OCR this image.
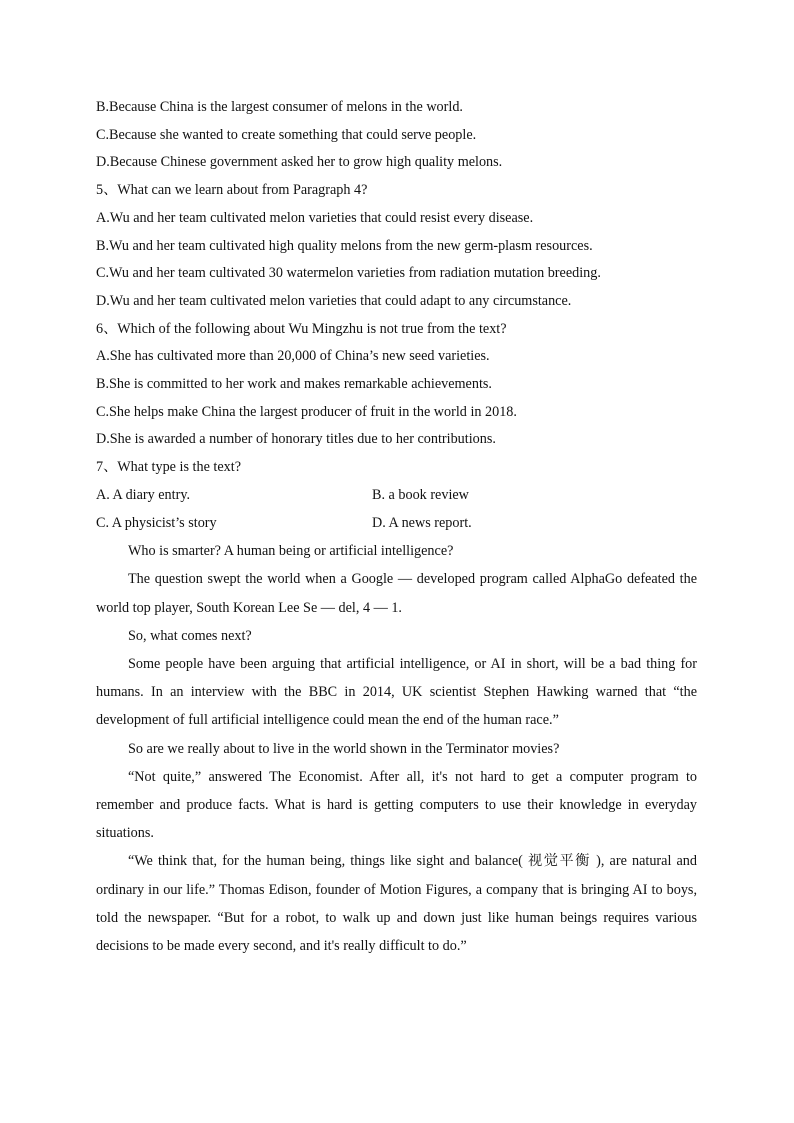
B.Because China is the largest consumer of melons in the world.

C.Because she wanted to create something that could serve people.

D.Because Chinese government asked her to grow high quality melons.

5、What can we learn about from Paragraph 4?

A.Wu and her team cultivated melon varieties that could resist every disease.

B.Wu and her team cultivated high quality melons from the new germ-plasm resources.

C.Wu and her team cultivated 30 watermelon varieties from radiation mutation breeding.

D.Wu and her team cultivated melon varieties that could adapt to any circumstance.

6、Which of the following about Wu Mingzhu is not true from the text?

A.She has cultivated more than 20,000 of China’s new seed varieties.

B.She is committed to her work and makes remarkable achievements.

C.She helps make China the largest producer of fruit in the world in 2018.

D.She is awarded a number of honorary titles due to her contributions.

7、What type is the text?

A. A diary entry.	B. a book review
C. A physicist’s story	D. A news report.

Who is smarter? A human being or artificial intelligence?

The question swept the world when a Google — developed program called AlphaGo defeated the world top player, South Korean Lee Se — del, 4 — 1.

So, what comes next?

Some people have been arguing that artificial intelligence, or AI in short, will be a bad thing for humans. In an interview with the BBC in 2014, UK scientist Stephen Hawking warned that “the development of full artificial intelligence could mean the end of the human race.”

So are we really about to live in the world shown in the Terminator movies?

“Not quite,” answered The Economist. After all, it's not hard to get a computer program to remember and produce facts. What is hard is getting computers to use their knowledge in everyday situations.

“We think that, for the human being, things like sight and balance( 视觉平衡 ), are natural and ordinary in our life.” Thomas Edison, founder of Motion Figures, a company that is bringing AI to boys, told the newspaper. “But for a robot, to walk up and down just like human beings requires various decisions to be made every second, and it's really difficult to do.”
